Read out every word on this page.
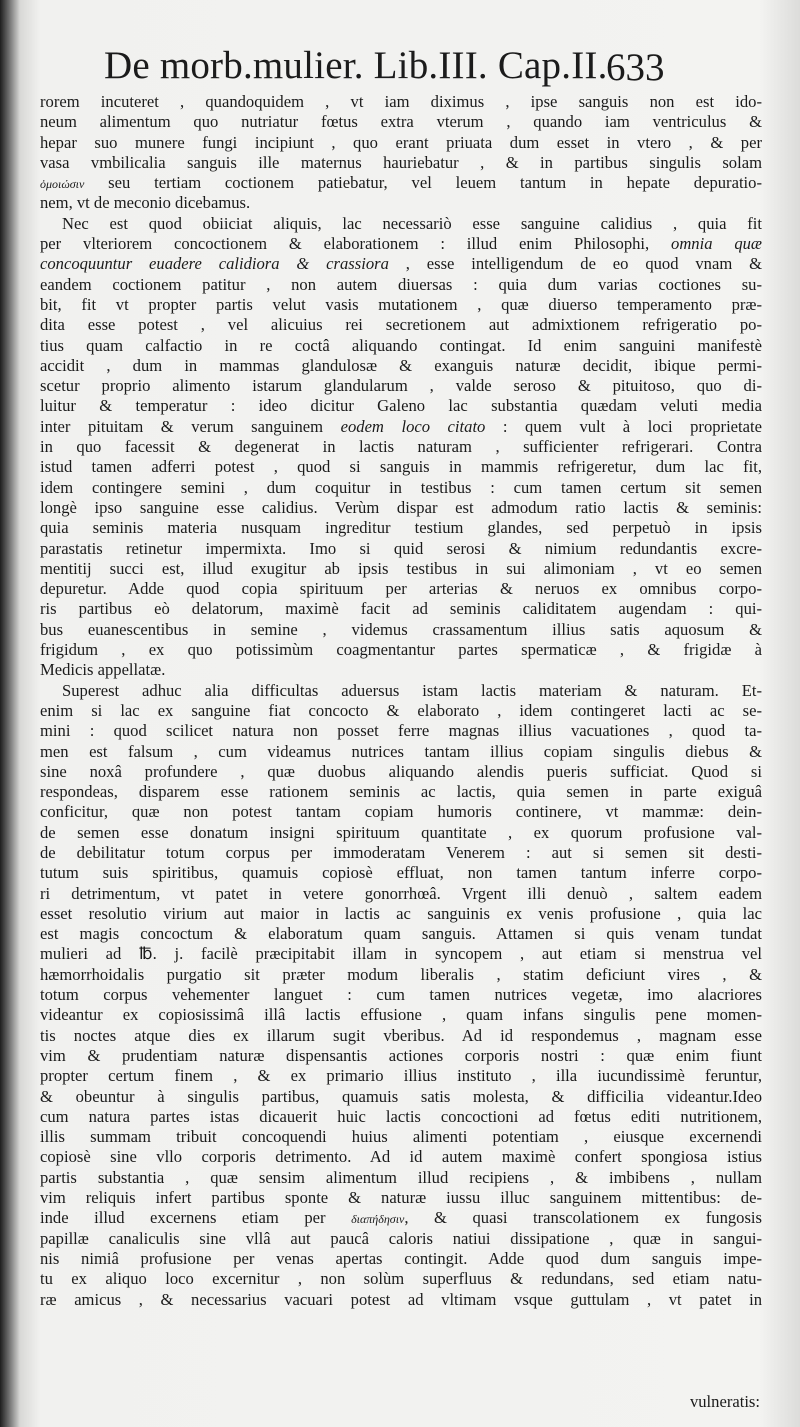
De morb.mulier. Lib.III. Cap.II.
633
rorem incuteret , quandoquidem , vt iam diximus , ipse sanguis non est ido-
neum alimentum quo nutriatur fœtus extra vterum , quando iam ventriculus &
hepar suo munere fungi incipiunt , quo erant priuata dum esset in vtero , & per
vasa vmbilicalia sanguis ille maternus hauriebatur , & in partibus singulis solam
ὁμοιώσιν seu tertiam coctionem patiebatur, vel leuem tantum in hepate depuratio-
nem, vt de meconio dicebamus.
Nec est quod obiiciat aliquis, lac necessariò esse sanguine calidius , quia fit
per vlteriorem concoctionem & elaborationem : illud enim Philosophi, omnia quæ
concoquuntur euadere calidiora & crassiora , esse intelligendum de eo quod vnam &
eandem coctionem patitur , non autem diuersas : quia dum varias coctiones su-
bit, fit vt propter partis velut vasis mutationem , quæ diuerso temperamento præ-
dita esse potest , vel alicuius rei secretionem aut admixtionem refrigeratio po-
tius quam calfactio in re coctâ aliquando contingat. Id enim sanguini manifestè
accidit , dum in mammas glandulosæ & exanguis naturæ decidit, ibique permi-
scetur proprio alimento istarum glandularum , valde seroso & pituitoso, quo di-
luitur & temperatur : ideo dicitur Galeno lac substantia quædam veluti media
inter pituitam & verum sanguinem eodem loco citato : quem vult à loci proprietate
in quo facessit & degenerat in lactis naturam , sufficienter refrigerari. Contra
istud tamen adferri potest , quod si sanguis in mammis refrigeretur, dum lac fit,
idem contingere semini , dum coquitur in testibus : cum tamen certum sit semen
longè ipso sanguine esse calidius. Verùm dispar est admodum ratio lactis & seminis:
quia seminis materia nusquam ingreditur testium glandes, sed perpetuò in ipsis
parastatis retinetur impermixta. Imo si quid serosi & nimium redundantis excre-
mentitij succi est, illud exugitur ab ipsis testibus in sui alimoniam , vt eo semen
depuretur. Adde quod copia spirituum per arterias & neruos ex omnibus corpo-
ris partibus eò delatorum, maximè facit ad seminis caliditatem augendam : qui-
bus euanescentibus in semine , videmus crassamentum illius satis aquosum &
frigidum , ex quo potissimùm coagmentantur partes spermaticæ , & frigidæ à
Medicis appellatæ.
Superest adhuc alia difficultas aduersus istam lactis materiam & naturam. Et-
enim si lac ex sanguine fiat concocto & elaborato , idem contingeret lacti ac se-
mini : quod scilicet natura non posset ferre magnas illius vacuationes , quod ta-
men est falsum , cum videamus nutrices tantam illius copiam singulis diebus &
sine noxâ profundere , quæ duobus aliquando alendis pueris sufficiat. Quod si
respondeas, disparem esse rationem seminis ac lactis, quia semen in parte exiguâ
conficitur, quæ non potest tantam copiam humoris continere, vt mammæ: dein-
de semen esse donatum insigni spirituum quantitate , ex quorum profusione val-
de debilitatur totum corpus per immoderatam Venerem : aut si semen sit desti-
tutum suis spiritibus, quamuis copiosè effluat, non tamen tantum inferre corpo-
ri detrimentum, vt patet in vetere gonorrhœâ. Vrgent illi denuò , saltem eadem
esset resolutio virium aut maior in lactis ac sanguinis ex venis profusione , quia lac
est magis concoctum & elaboratum quam sanguis. Attamen si quis venam tundat
mulieri ad ℔. j. facilè præcipitabit illam in syncopem , aut etiam si menstrua vel
hæmorrhoidalis purgatio sit præter modum liberalis , statim deficiunt vires , &
totum corpus vehementer languet : cum tamen nutrices vegetæ, imo alacriores
videantur ex copiosissimâ illâ lactis effusione , quam infans singulis pene momen-
tis noctes atque dies ex illarum sugit vberibus. Ad id respondemus , magnam esse
vim & prudentiam naturæ dispensantis actiones corporis nostri : quæ enim fiunt
propter certum finem , & ex primario illius instituto , illa iucundissimè feruntur,
& obeuntur à singulis partibus, quamuis satis molesta, & difficilia videantur.Ideo
cum natura partes istas dicauerit huic lactis concoctioni ad fœtus editi nutritionem,
illis summam tribuit concoquendi huius alimenti potentiam , eiusque excernendi
copiosè sine vllo corporis detrimento. Ad id autem maximè confert spongiosa istius
partis substantia , quæ sensim alimentum illud recipiens , & imbibens , nullam
vim reliquis infert partibus sponte & naturæ iussu illuc sanguinem mittentibus: de-
inde illud excernens etiam per διαπήδησιν, & quasi transcolationem ex fungosis
papillæ canaliculis sine vllâ aut paucâ caloris natiui dissipatione , quæ in sangui-
nis nimiâ profusione per venas apertas contingit. Adde quod dum sanguis impe-
tu ex aliquo loco excernitur , non solùm superfluus & redundans, sed etiam natu-
ræ amicus , & necessarius vacuari potest ad vltimam vsque guttulam , vt patet in
vulneratis:
